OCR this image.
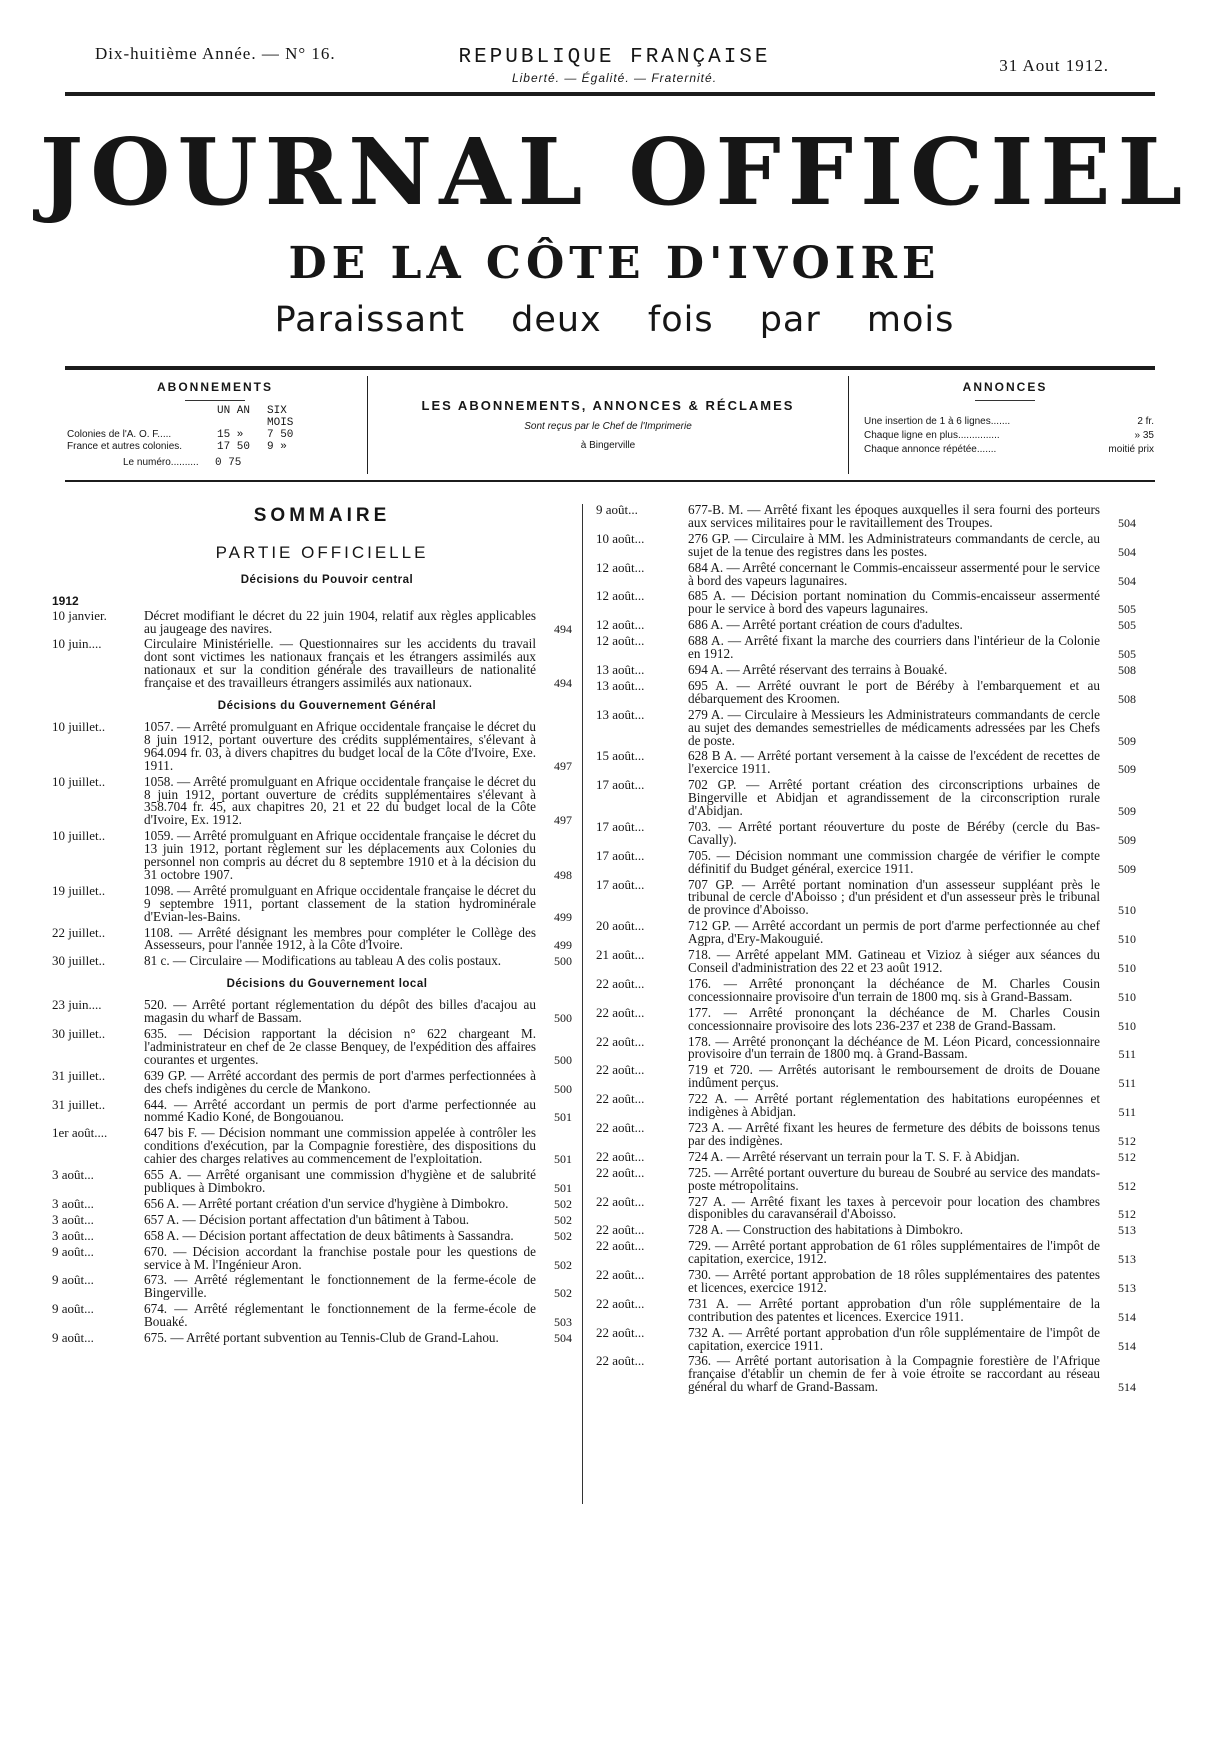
Dix-huitième Année. — N° 16.	REPUBLIQUE FRANÇAISE
Liberté. — Égalité. — Fraternité.
31 Aout 1912.
JOURNAL OFFICIEL
DE LA CÔTE D'IVOIRE
Paraissant deux fois par mois
ABONNEMENTS
UN AN	SIX MOIS
Colonies de l'A. O. F.....	15 »	7 50
France et autres colonies.	17 50	9 »
Le numéro..........	0 75
LES ABONNEMENTS, ANNONCES & RÉCLAMES
Sont reçus par le Chef de l'Imprimerie
à Bingerville
ANNONCES
Une insertion de 1 à 6 lignes.......	2 fr.
Chaque ligne en plus...............	» 35
Chaque annonce répétée.......	moitié prix
SOMMAIRE
PARTIE OFFICIELLE
Décisions du Pouvoir central
1912
10 janvier.	Décret modifiant le décret du 22 juin 1904, relatif aux règles applicables au jaugeage des navires.	494
10 juin....	Circulaire Ministérielle. — Questionnaires sur les accidents du travail dont sont victimes les nationaux français et les étrangers assimilés aux nationaux et sur la condition générale des travailleurs de nationalité française et des travailleurs étrangers assimilés aux nationaux.	494
Décisions du Gouvernement Général
10 juillet..	1057. — Arrêté promulguant en Afrique occidentale française le décret du 8 juin 1912, portant ouverture des crédits supplémentaires, s'élevant à 964.094 fr. 03, à divers chapitres du budget local de la Côte d'Ivoire, Exe. 1911.	497
10 juillet..	1058. — Arrêté promulguant en Afrique occidentale française le décret du 8 juin 1912, portant ouverture de crédits supplémentaires s'élevant à 358.704 fr. 45, aux chapitres 20, 21 et 22 du budget local de la Côte d'Ivoire, Ex. 1912.	497
10 juillet..	1059. — Arrêté promulguant en Afrique occidentale française le décret du 13 juin 1912, portant règlement sur les déplacements aux Colonies du personnel non compris au décret du 8 septembre 1910 et à la décision du 31 octobre 1907.	498
19 juillet..	1098. — Arrêté promulguant en Afrique occidentale française le décret du 9 septembre 1911, portant classement de la station hydrominérale d'Evian-les-Bains.	499
22 juillet..	1108. — Arrêté désignant les membres pour compléter le Collège des Assesseurs, pour l'année 1912, à la Côte d'Ivoire.	499
30 juillet..	81 c. — Circulaire — Modifications au tableau A des colis postaux.	500
Décisions du Gouvernement local
23 juin....	520. — Arrêté portant réglementation du dépôt des billes d'acajou au magasin du wharf de Bassam.	500
30 juillet..	635. — Décision rapportant la décision n° 622 chargeant M. l'administrateur en chef de 2e classe Benquey, de l'expédition des affaires courantes et urgentes.	500
31 juillet..	639 GP. — Arrêté accordant des permis de port d'armes perfectionnées à des chefs indigènes du cercle de Mankono.	500
31 juillet..	644. — Arrêté accordant un permis de port d'arme perfectionnée au nommé Kadio Koné, de Bongouanou.	501
1er août....	647 bis F. — Décision nommant une commission appelée à contrôler les conditions d'exécution, par la Compagnie forestière, des dispositions du cahier des charges relatives au commencement de l'exploitation.	501
3 août...	655 A. — Arrêté organisant une commission d'hygiène et de salubrité publiques à Dimbokro.	501
3 août...	656 A. — Arrêté portant création d'un service d'hygiène à Dimbokro.	502
3 août...	657 A. — Décision portant affectation d'un bâtiment à Tabou.	502
3 août...	658 A. — Décision portant affectation de deux bâtiments à Sassandra.	502
9 août...	670. — Décision accordant la franchise postale pour les questions de service à M. l'Ingénieur Aron.	502
9 août...	673. — Arrêté réglementant le fonctionnement de la ferme-école de Bingerville.	502
9 août...	674. — Arrêté réglementant le fonctionnement de la ferme-école de Bouaké.	503
9 août...	675. — Arrêté portant subvention au Tennis-Club de Grand-Lahou.	504
9 août...	677-B. M. — Arrêté fixant les époques auxquelles il sera fourni des porteurs aux services militaires pour le ravitaillement des Troupes.	504
10 août...	276 GP. — Circulaire à MM. les Administrateurs commandants de cercle, au sujet de la tenue des registres dans les postes.	504
12 août...	684 A. — Arrêté concernant le Commis-encaisseur assermenté pour le service à bord des vapeurs lagunaires.	504
12 août...	685 A. — Décision portant nomination du Commis-encaisseur assermenté pour le service à bord des vapeurs lagunaires.	505
12 août...	686 A. — Arrêté portant création de cours d'adultes.	505
12 août...	688 A. — Arrêté fixant la marche des courriers dans l'intérieur de la Colonie en 1912.	505
13 août...	694 A. — Arrêté réservant des terrains à Bouaké.	508
13 août...	695 A. — Arrêté ouvrant le port de Béréby à l'embarquement et au débarquement des Kroomen.	508
13 août...	279 A. — Circulaire à Messieurs les Administrateurs commandants de cercle au sujet des demandes semestrielles de médicaments adressées par les Chefs de poste.	509
15 août...	628 B A. — Arrêté portant versement à la caisse de l'excédent de recettes de l'exercice 1911.	509
17 août...	702 GP. — Arrêté portant création des circonscriptions urbaines de Bingerville et Abidjan et agrandissement de la circonscription rurale d'Abidjan.	509
17 août...	703. — Arrêté portant réouverture du poste de Béréby (cercle du Bas-Cavally).	509
17 août...	705. — Décision nommant une commission chargée de vérifier le compte définitif du Budget général, exercice 1911.	509
17 août...	707 GP. — Arrêté portant nomination d'un assesseur suppléant près le tribunal de cercle d'Aboisso ; d'un président et d'un assesseur près le tribunal de province d'Aboisso.	510
20 août...	712 GP. — Arrêté accordant un permis de port d'arme perfectionnée au chef Agpra, d'Ery-Makouguié.	510
21 août...	718. — Arrêté appelant MM. Gatineau et Vizioz à siéger aux séances du Conseil d'administration des 22 et 23 août 1912.	510
22 août...	176. — Arrêté prononçant la déchéance de M. Charles Cousin concessionnaire provisoire d'un terrain de 1800 mq. sis à Grand-Bassam.	510
22 août...	177. — Arrêté prononçant la déchéance de M. Charles Cousin concessionnaire provisoire des lots 236-237 et 238 de Grand-Bassam.	510
22 août...	178. — Arrêté prononçant la déchéance de M. Léon Picard, concessionnaire provisoire d'un terrain de 1800 mq. à Grand-Bassam.	511
22 août...	719 et 720. — Arrêtés autorisant le remboursement de droits de Douane indûment perçus.	511
22 août...	722 A. — Arrêté portant réglementation des habitations européennes et indigènes à Abidjan.	511
22 août...	723 A. — Arrêté fixant les heures de fermeture des débits de boissons tenus par des indigènes.	512
22 août...	724 A. — Arrêté réservant un terrain pour la T. S. F. à Abidjan.	512
22 août...	725. — Arrêté portant ouverture du bureau de Soubré au service des mandats-poste métropolitains.	512
22 août...	727 A. — Arrêté fixant les taxes à percevoir pour location des chambres disponibles du caravansérail d'Aboisso.	512
22 août...	728 A. — Construction des habitations à Dimbokro.	513
22 août...	729. — Arrêté portant approbation de 61 rôles supplémentaires de l'impôt de capitation, exercice, 1912.	513
22 août...	730. — Arrêté portant approbation de 18 rôles supplémentaires des patentes et licences, exercice 1912.	513
22 août...	731 A. — Arrêté portant approbation d'un rôle supplémentaire de la contribution des patentes et licences. Exercice 1911.	514
22 août...	732 A. — Arrêté portant approbation d'un rôle supplémentaire de l'impôt de capitation, exercice 1911.	514
22 août...	736. — Arrêté portant autorisation à la Compagnie forestière de l'Afrique française d'établir un chemin de fer à voie étroite se raccordant au réseau général du wharf de Grand-Bassam.	514
